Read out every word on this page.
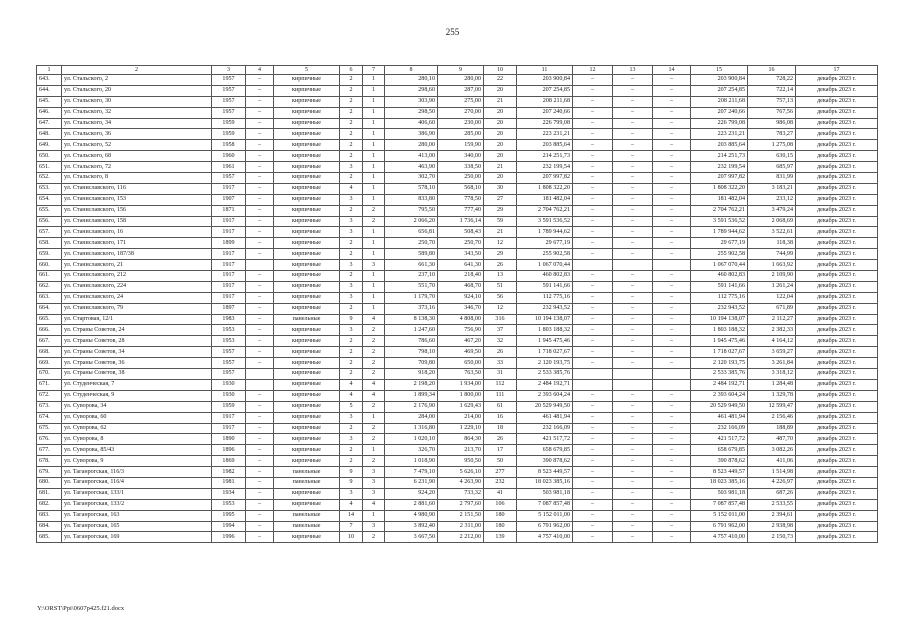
255
1	2	3	4	5	6	7	8	9	10	11	12	13	14	15	16	17
643.	ул. Стальского, 2	1957	–	кирпичные	2	1	280,10	280,00	22	203 900,84	–	–	–	203 900,84	728,22	декабрь 2023 г.
644.	ул. Стальского, 20	1957	–	кирпичные	2	1	298,60	287,00	20	207 254,85	–	–	–	207 254,85	722,14	декабрь 2023 г.
645.	ул. Стальского, 30	1957	–	кирпичные	2	1	303,90	275,00	21	208 211,68	–	–	–	208 211,68	757,13	декабрь 2023 г.
646.	ул. Стальского, 32	1957	–	кирпичные	2	1	298,50	270,00	20	207 240,66	–	–	–	207 240,66	767,56	декабрь 2023 г.
647.	ул. Стальского, 34	1959	–	кирпичные	2	1	406,60	230,00	20	226 799,08	–	–	–	226 799,08	986,08	декабрь 2023 г.
648.	ул. Стальского, 36	1959	–	кирпичные	2	1	386,90	285,00	20	223 231,21	–	–	–	223 231,21	783,27	декабрь 2023 г.
649.	ул. Стальского, 52	1958	–	кирпичные	2	1	280,00	159,90	20	203 885,64	–	–	–	203 885,64	1 275,08	декабрь 2023 г.
650.	ул. Стальского, 68	1960	–	кирпичные	2	1	413,00	340,00	20	214 251,73	–	–	–	214 251,73	630,15	декабрь 2023 г.
651.	ул. Стальского, 72	1961	–	кирпичные	3	1	463,90	338,50	21	232 199,54	–	–	–	232 199,54	685,97	декабрь 2023 г.
652.	ул. Стальского, 8	1957	–	кирпичные	2	1	302,70	250,00	20	207 997,82	–	–	–	207 997,82	831,99	декабрь 2023 г.
653.	ул. Станиславского, 116	1917	–	кирпичные	4	1	578,10	568,10	30	1 808 322,20	–	–	–	1 808 322,20	3 183,21	декабрь 2023 г.
654.	ул. Станиславского, 153	1907	–	кирпичные	3	1	833,80	778,50	27	181 482,04	–	–	–	181 482,04	233,12	декабрь 2023 г.
655.	ул. Станиславского, 156	1871	–	кирпичные	2	2	795,50	777,40	29	2 704 762,21	–	–	–	2 704 762,21	3 479,24	декабрь 2023 г.
656.	ул. Станиславского, 158	1917	–	кирпичные	3	2	2 066,20	1 736,14	59	3 591 536,52	–	–	–	3 591 536,52	2 068,69	декабрь 2023 г.
657.	ул. Станиславского, 16	1917	–	кирпичные	3	1	656,81	508,43	21	1 789 944,62	–	–	–	1 789 944,62	3 522,61	декабрь 2023 г.
658.	ул. Станиславского, 171	1899	–	кирпичные	2	1	250,70	250,70	12	29 677,19	–	–	–	29 677,19	118,38	декабрь 2023 г.
659.	ул. Станиславского, 187/38	1917	–	кирпичные	2	1	589,80	343,50	29	255 902,58	–	–	–	255 902,58	744,99	декабрь 2023 г.
660.	ул. Станиславского, 21	1917		кирпичные	3	3	661,30	641,30	26	1 067 070,44				1 067 070,44	1 663,92	декабрь 2023 г.
661.	ул. Станиславского, 212	1917	–	кирпичные	2	1	237,10	218,40	13	460 802,83	–	–	–	460 802,83	2 109,90	декабрь 2023 г.
662.	ул. Станиславского, 224	1917	–	кирпичные	3	1	551,70	468,70	51	591 141,66	–	–	–	591 141,66	1 261,24	декабрь 2023 г.
663.	ул. Станиславского, 24	1917	–	кирпичные	3	1	1 179,70	924,10	56	112 775,16	–	–	–	112 775,16	122,04	декабрь 2023 г.
664.	ул. Станиславского, 79	1897	–	кирпичные	2	1	373,16	346,70	12	232 943,52	–	–	–	232 943,52	671,89	декабрь 2023 г.
665.	ул. Стартовая, 12/1	1983	–	панельные	9	4	8 138,30	4 808,00	316	10 194 138,07	–	–	–	10 194 138,07	2 112,27	декабрь 2023 г.
666.	ул. Страны Советов, 24	1953	–	кирпичные	3	2	1 247,60	756,90	37	1 803 188,32	–	–	–	1 803 188,32	2 382,33	декабрь 2023 г.
667.	ул. Страны Советов, 28	1953	–	кирпичные	2	2	786,60	467,20	32	1 945 475,46	–	–	–	1 945 475,46	4 164,12	декабрь 2023 г.
668.	ул. Страны Советов, 34	1957	–	кирпичные	2	2	798,10	469,50	26	1 718 027,67	–	–	–	1 718 027,67	3 659,27	декабрь 2023 г.
669.	ул. Страны Советов, 36	1957	–	кирпичные	2	2	709,80	650,00	33	2 120 193,75	–	–	–	2 120 193,75	3 261,84	декабрь 2023 г.
670.	ул. Страны Советов, 38	1957		кирпичные	2	2	918,20	763,50	31	2 533 385,76				2 533 385,76	3 318,12	декабрь 2023 г.
671.	ул. Студенческая, 7	1930		кирпичные	4	4	2 198,20	1 934,00	112	2 484 192,71				2 484 192,71	1 284,48	декабрь 2023 г.
672.	ул. Студенческая, 9	1930	–	кирпичные	4	4	1 899,34	1 800,00	111	2 393 604,24	–	–	–	2 393 604,24	1 329,78	декабрь 2023 г.
673.	ул. Суворова, 34	1959	–	кирпичные	5	2	2 176,90	1 629,43	61	20 529 949,50	–	–	–	20 529 949,50	12 599,47	декабрь 2023 г.
674.	ул. Суворова, 60	1917	–	кирпичные	3	1	284,00	214,00	16	461 481,94	–	–	–	461 481,94	2 156,46	декабрь 2023 г.
675.	ул. Суворова, 62	1917	–	кирпичные	2	2	1 316,80	1 229,10	18	232 166,09	–	–	–	232 166,09	188,89	декабрь 2023 г.
676.	ул. Суворова, 8	1890	–	кирпичные	3	2	1 020,10	864,30	26	421 517,72	–	–	–	421 517,72	487,70	декабрь 2023 г.
677.	ул. Суворова, 85/43	1896	–	кирпичные	2	1	326,70	213,70	17	658 679,85	–	–	–	658 679,85	3 082,26	декабрь 2023 г.
678.	ул. Суворова, 9	1869	–	кирпичные	2	2	1 018,90	950,50	50	390 878,62	–	–	–	390 878,62	411,06	декабрь 2023 г.
679.	ул. Таганрогская, 116/3	1982	–	панельные	9	3	7 479,10	5 626,10	277	8 523 449,57	–	–	–	8 523 449,57	1 514,98	декабрь 2023 г.
680.	ул. Таганрогская, 116/4	1981	–	панельные	9	3	6 231,90	4 263,90	232	18 023 385,16	–	–	–	18 023 385,16	4 226,97	декабрь 2023 г.
681.	ул. Таганрогская, 133/1	1934	–	кирпичные	3	3	924,20	733,32	41	503 981,18	–	–	–	503 981,18	687,26	декабрь 2023 г.
682.	ул. Таганрогская, 133/2	1953	–	кирпичные	4	4	2 881,60	2 797,60	106	7 087 857,48	–	–	–	7 087 857,48	2 533,55	декабрь 2023 г.
683.	ул. Таганрогская, 163	1995	–	панельные	14	1	4 980,90	2 151,50	180	5 152 011,00	–	–	–	5 152 011,00	2 394,61	декабрь 2023 г.
684.	ул. Таганрогская, 165	1994	–	панельные	7	3	3 892,40	2 311,00	180	6 791 962,00	–	–	–	6 791 962,00	2 938,98	декабрь 2023 г.
685.	ул. Таганрогская, 169	1996	–	кирпичные	10	2	3 667,50	2 212,00	139	4 757 410,00	–	–	–	4 757 410,00	2 150,73	декабрь 2023 г.
Y:\ORST\Ppi\0607p425.f21.docx
